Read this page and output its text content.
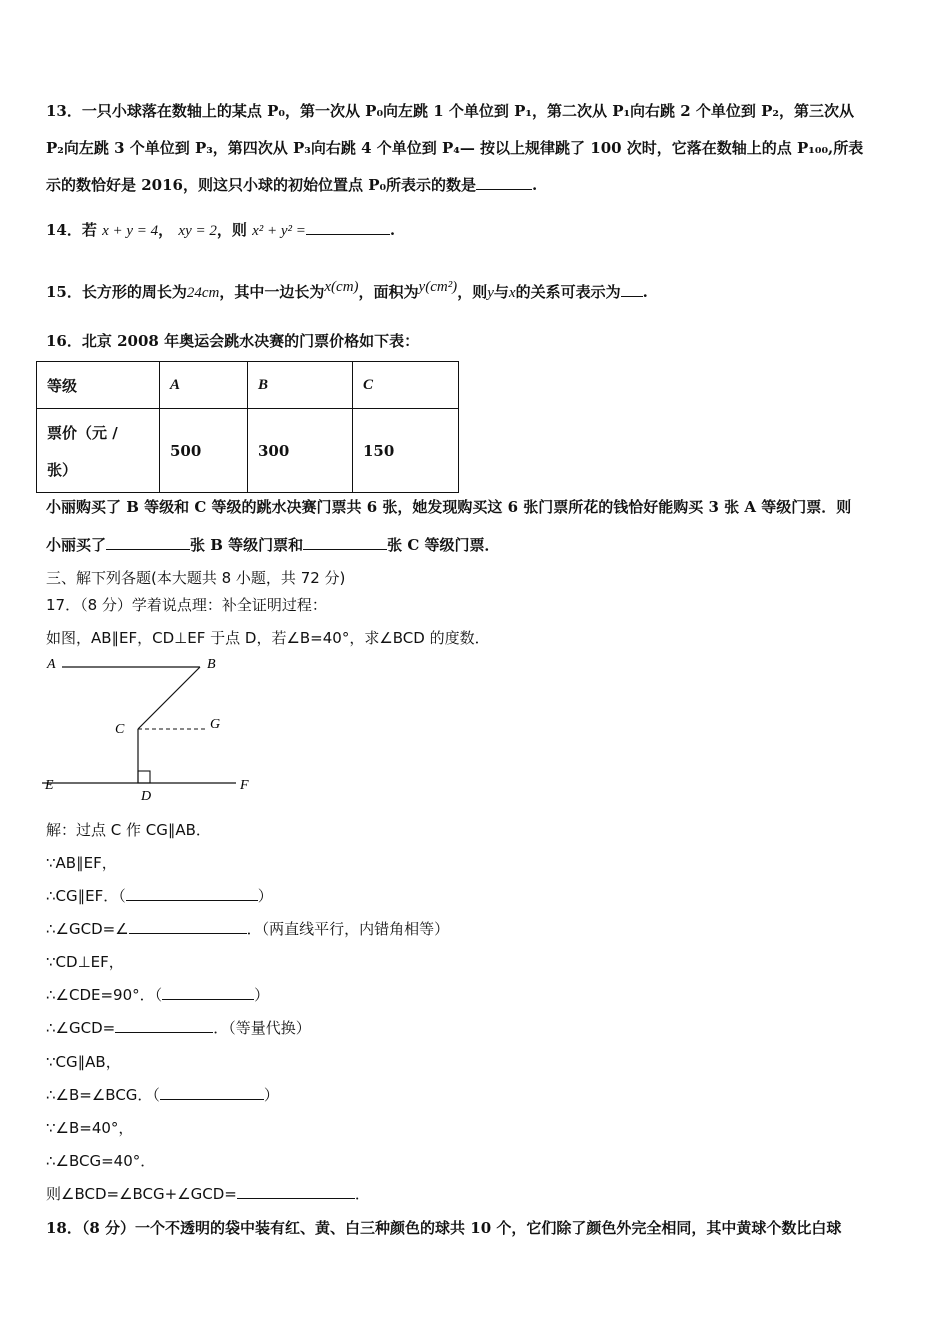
13．一只小球落在数轴上的某点 P₀，第一次从 P₀向左跳 1 个单位到 P₁，第二次从 P₁向右跳 2 个单位到 P₂，第三次从
P₂向左跳 3 个单位到 P₃，第四次从 P₃向右跳 4 个单位到 P₄— 按以上规律跳了 100 次时，它落在数轴上的点 P₁₀₀,所表
示的数恰好是 2016，则这只小球的初始位置点 P₀所表示的数是	.
14．若 x + y = 4， xy = 2，则 x² + y² =	.
15．长方形的周长为24cm，其中一边长为x(cm)，面积为y(cm²)，则y与x的关系可表示为 .
16．北京 2008 年奥运会跳水决赛的门票价格如下表：
等级	A	B	C

票价（元 /
张）	500	300	150
小丽购买了 B 等级和 C 等级的跳水决赛门票共 6 张，她发现购买这 6 张门票所花的钱恰好能购买 3 张 A 等级门票．则
小丽买了	张 B 等级门票和	张 C 等级门票．
三、解下列各题(本大题共 8 小题，共 72 分)
17．（8 分）学着说点理：补全证明过程：
如图，AB∥EF，CD⊥EF 于点 D，若∠B=40°，求∠BCD 的度数．
A	B
C	G
E
D
F
解：过点 C 作 CG∥AB．
∵AB∥EF，
∴CG∥EF．（	）
∴∠GCD=∠	．（两直线平行，内错角相等）
∵CD⊥EF，
∴∠CDE=90°．（	）
∴∠GCD=	．（等量代换）
∵CG∥AB，
∴∠B=∠BCG．（	）
∵∠B=40°，
∴∠BCG=40°．
则∠BCD=∠BCG+∠GCD=	．
18．（8 分）一个不透明的袋中装有红、黄、白三种颜色的球共 10 个，它们除了颜色外完全相同，其中黄球个数比白球
